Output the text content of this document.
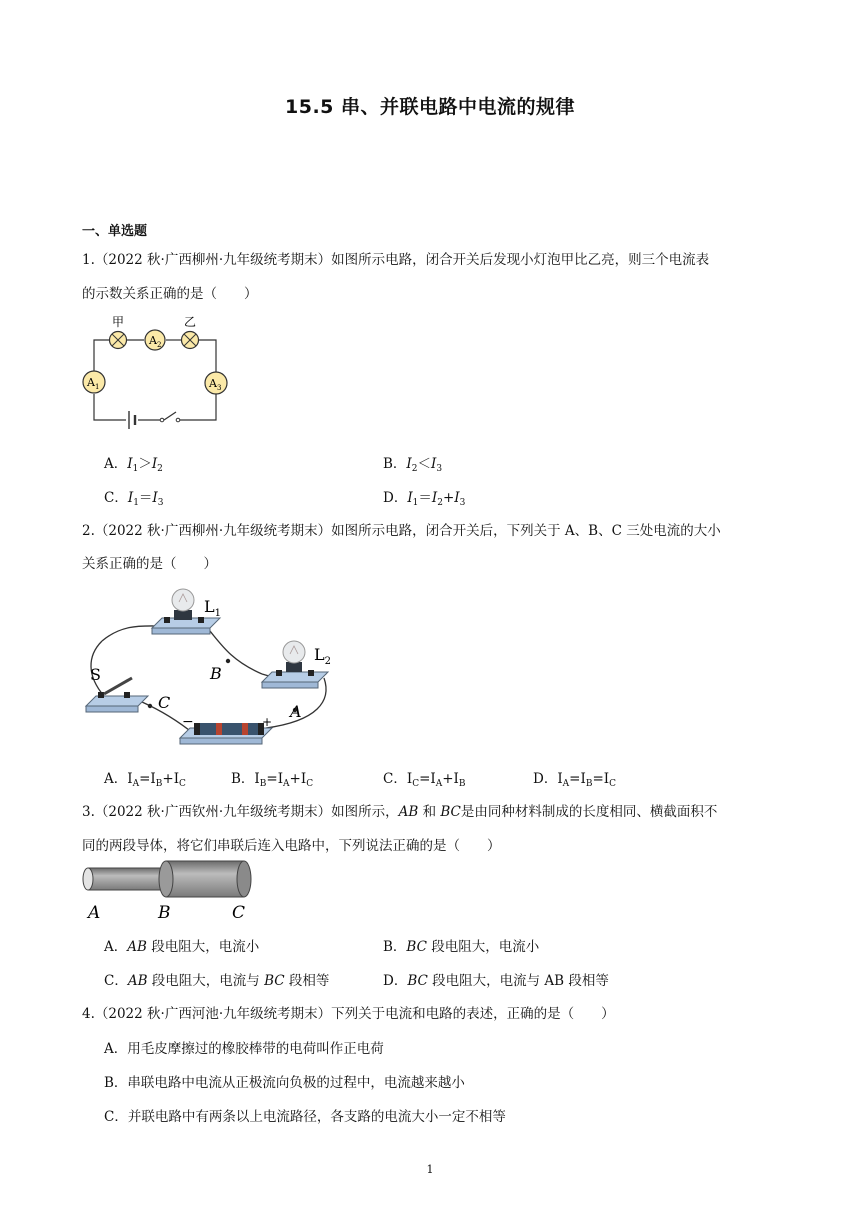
15.5 串、并联电路中电流的规律
一、单选题
1.（2022 秋·广西柳州·九年级统考期末）如图所示电路，闭合开关后发现小灯泡甲比乙亮，则三个电流表
的示数关系正确的是（　　）
甲	乙
A 2
A 1	A 3
A．$I_1>I_2$	B．$I_2<I_3$
C．$I_1=I_3$	D．$I_1=I_2+I_3$
2.（2022 秋·广西柳州·九年级统考期末）如图所示电路，闭合开关后，下列关于 A、B、C 三处电流的大小
关系正确的是（　　）
$L_1$
$L_2$
S
−	+
B
A
C
A．$I_A=I_B+I_C$	B．$I_B=I_A+I_C$	C．$I_C=I_A+I_B$	D．$I_A=I_B=I_C$
3.（2022 秋·广西钦州·九年级统考期末）如图所示，AB 和 BC是由同种材料制成的长度相同、横截面积不
同的两段导体，将它们串联后连入电路中，下列说法正确的是（　　）
A	B	C
A．AB 段电阻大，电流小	B．BC 段电阻大，电流小
C．AB 段电阻大，电流与 BC 段相等	D．BC 段电阻大，电流与 AB 段相等
4.（2022 秋·广西河池·九年级统考期末）下列关于电流和电路的表述，正确的是（　　）
A．用毛皮摩擦过的橡胶棒带的电荷叫作正电荷
B．串联电路中电流从正极流向负极的过程中，电流越来越小
C．并联电路中有两条以上电流路径，各支路的电流大小一定不相等
1
